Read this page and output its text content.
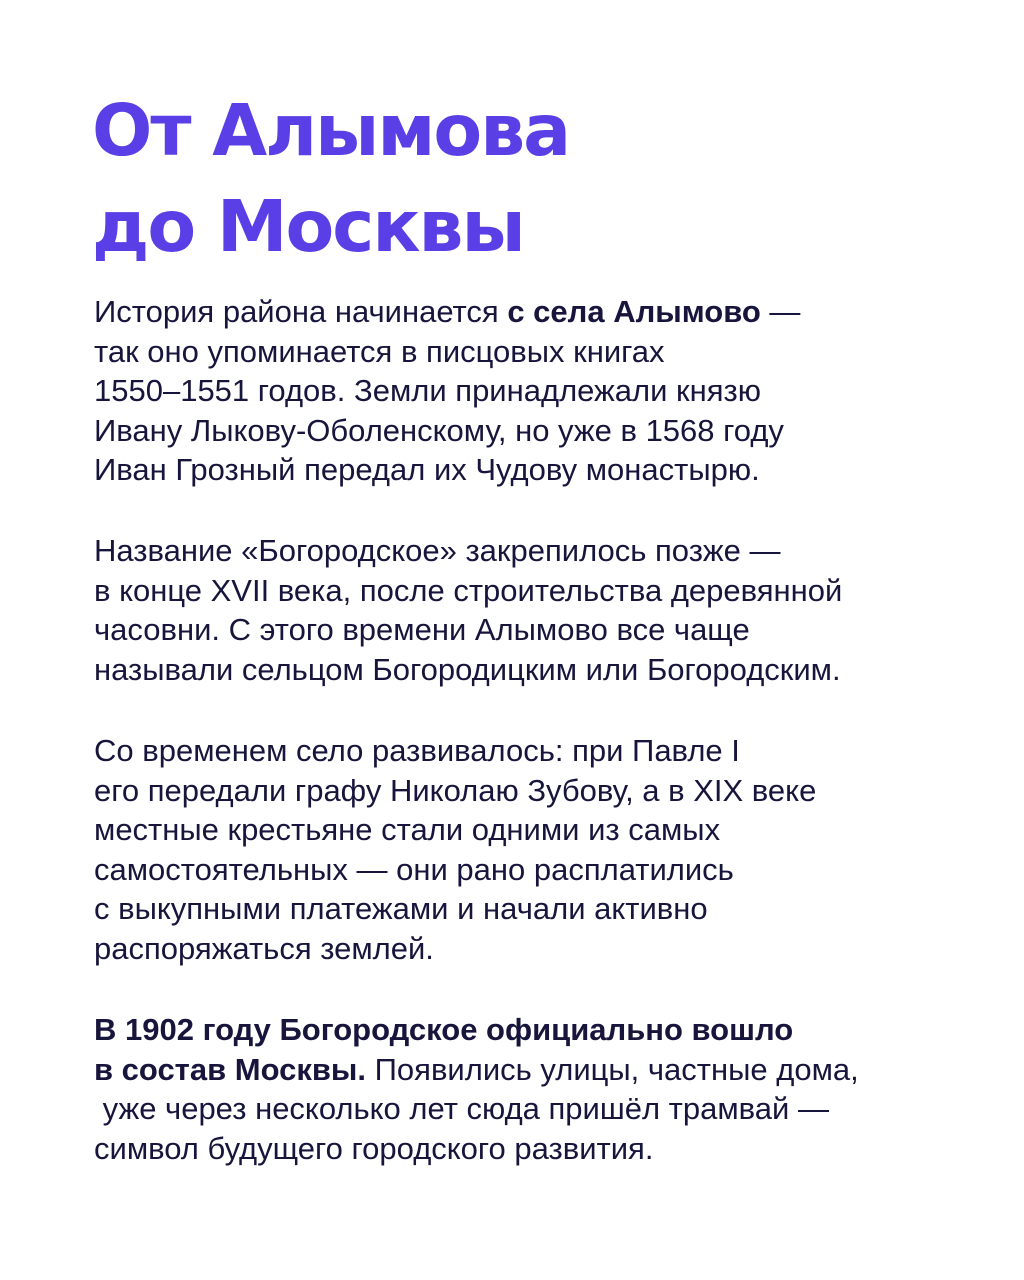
От Алымова
до Москвы

История района начинается с села Алымово —
так оно упоминается в писцовых книгах
1550–1551 годов. Земли принадлежали князю
Ивану Лыкову-Оболенскому, но уже в 1568 году
Иван Грозный передал их Чудову монастырю.

Название «Богородское» закрепилось позже —
в конце XVII века, после строительства деревянной
часовни. С этого времени Алымово все чаще
называли сельцом Богородицким или Богородским.

Со временем село развивалось: при Павле I
его передали графу Николаю Зубову, а в XIX веке
местные крестьяне стали одними из самых
самостоятельных — они рано расплатились
с выкупными платежами и начали активно
распоряжаться землей.

В 1902 году Богородское официально вошло
в состав Москвы. Появились улицы, частные дома,
уже через несколько лет сюда пришёл трамвай —
символ будущего городского развития.
